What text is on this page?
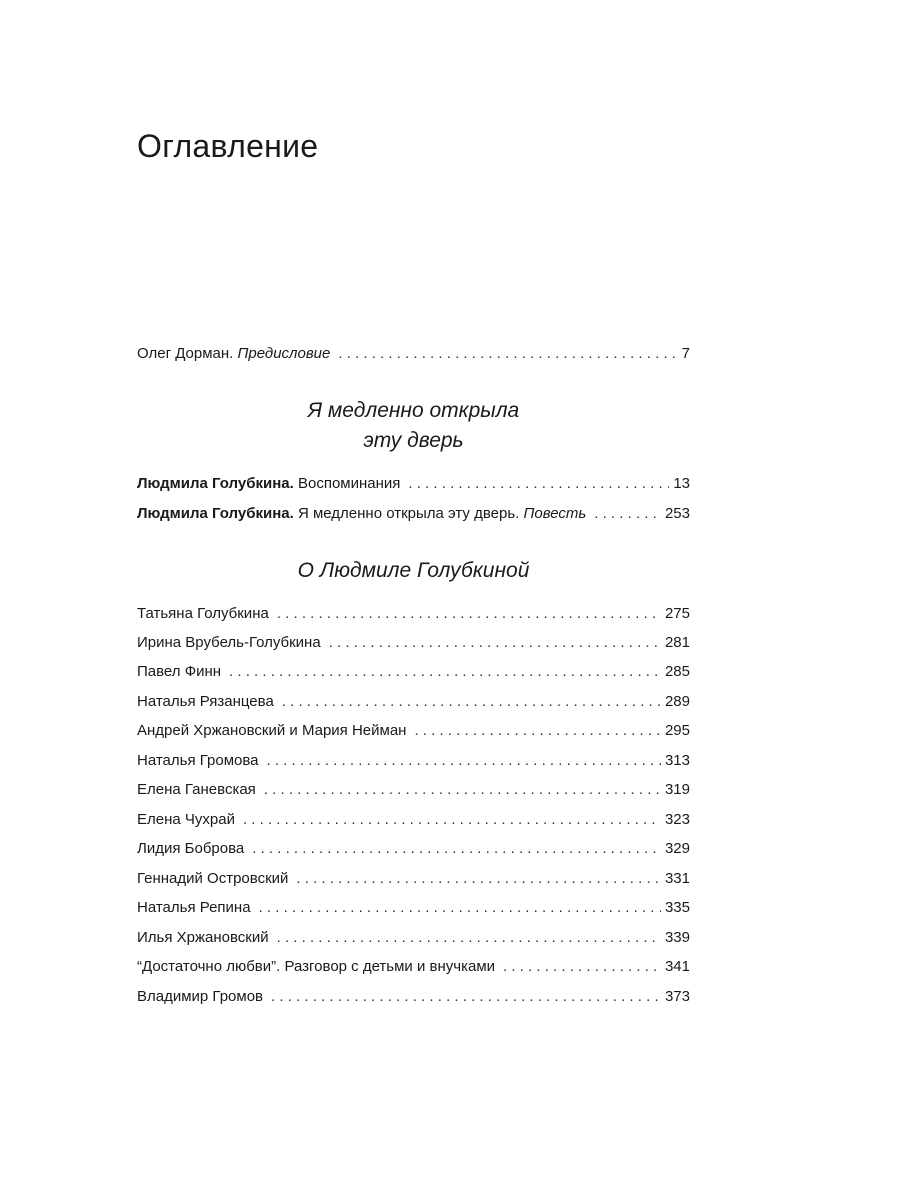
Оглавление
Олег Дорман. Предисловие . . .	7
Я медленно открыла
эту дверь
Людмила Голубкина. Воспоминания . . .	13
Людмила Голубкина. Я медленно открыла эту дверь. Повесть . . .	253
О Людмиле Голубкиной
Татьяна Голубкина . . .	275
Ирина Врубель-Голубкина . . .	281
Павел Финн . . .	285
Наталья Рязанцева . . .	289
Андрей Хржановский и Мария Нейман . . .	295
Наталья Громова . . .	313
Елена Ганевская . . .	319
Елена Чухрай . . .	323
Лидия Боброва . . .	329
Геннадий Островский . . .	331
Наталья Репина . . .	335
Илья Хржановский . . .	339
“Достаточно любви”. Разговор с детьми и внучками . . .	341
Владимир Громов . . .	373
